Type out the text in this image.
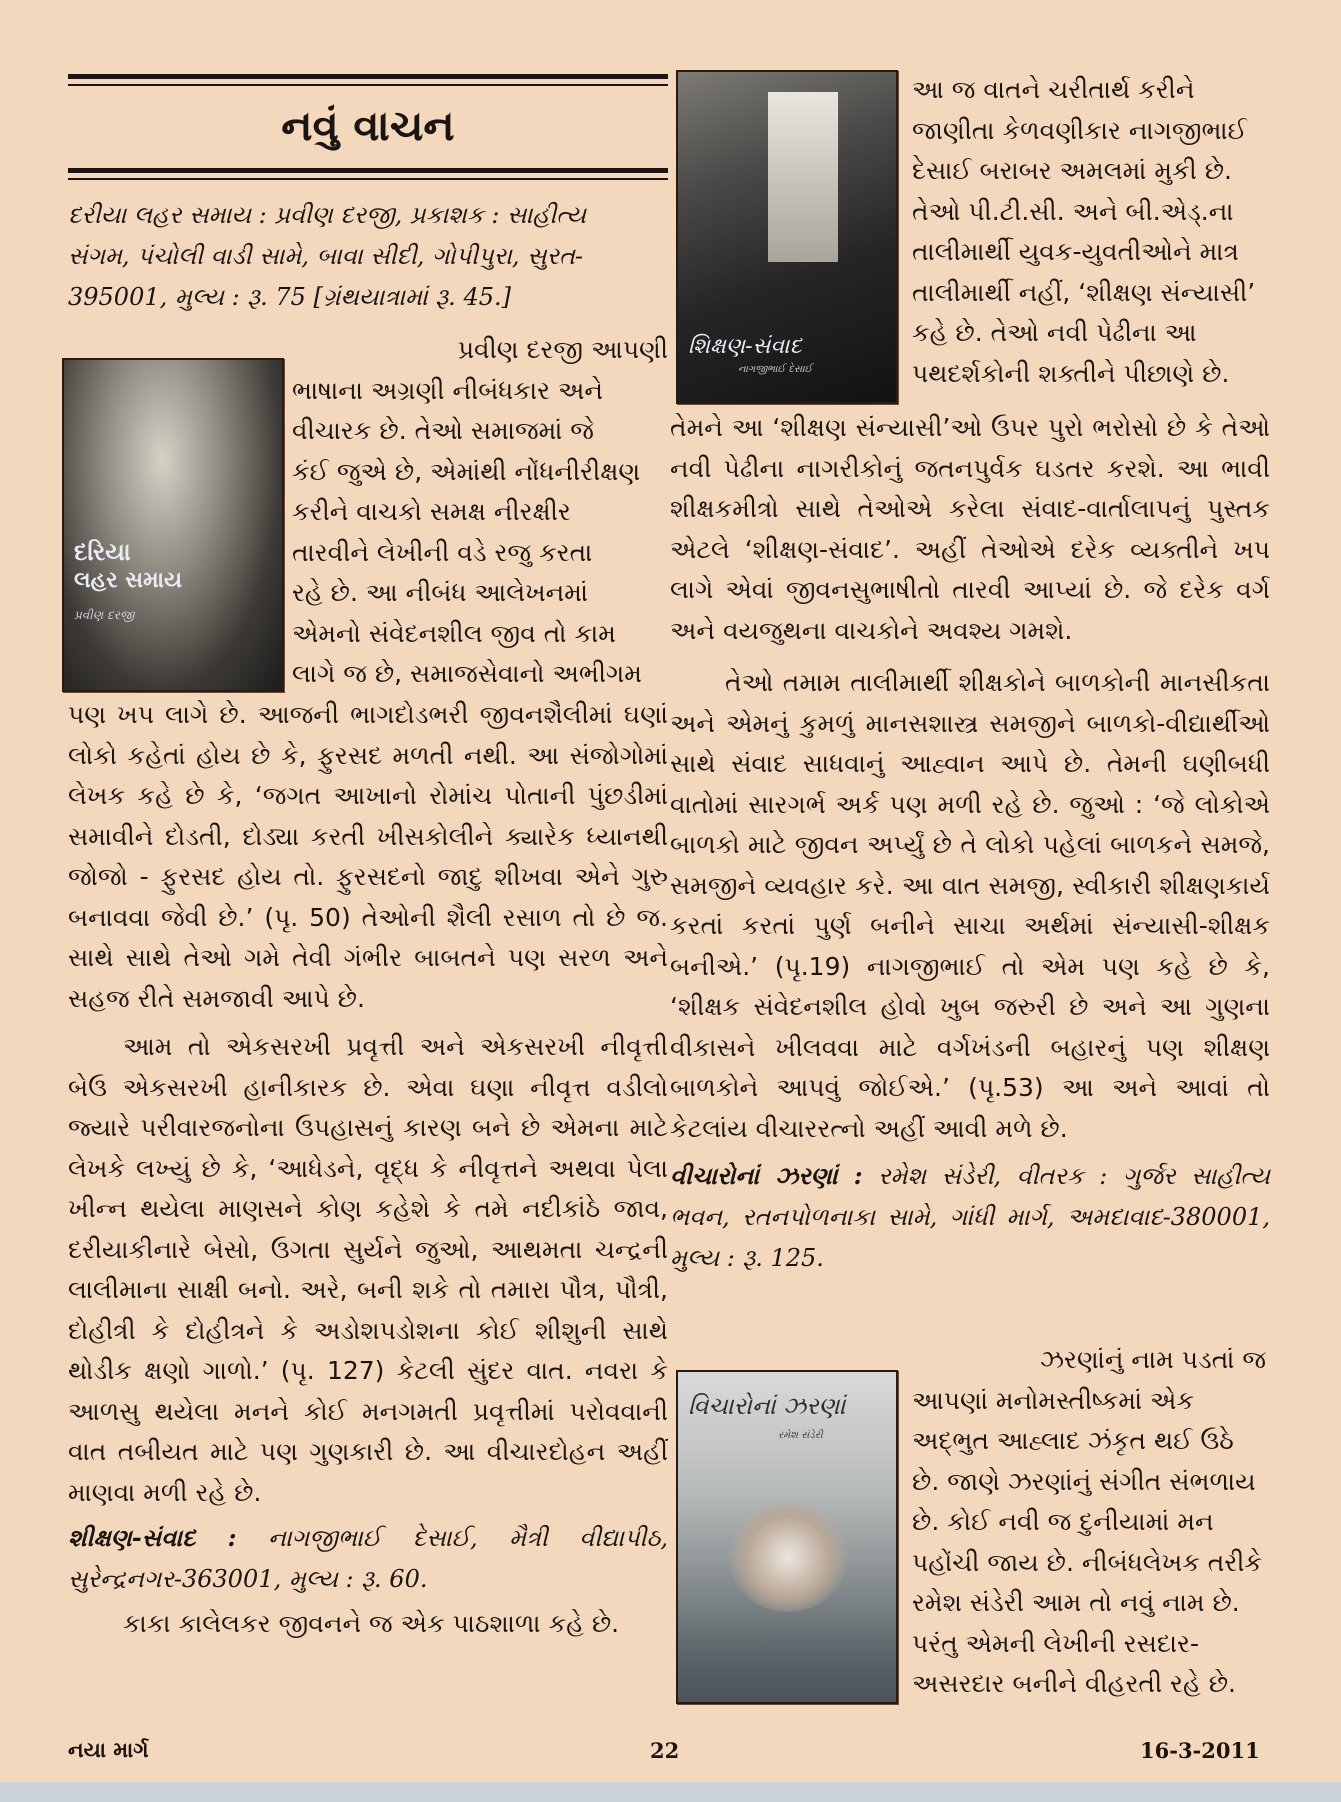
નવું વાચન

દરીયા લહર સમાય : પ્રવીણ દરજી, પ્રકાશક : સાહીત્ય
સંગમ, પંચોલી વાડી સામે, બાવા સીદી, ગોપીપુરા, સુરત-
395001, મુલ્ય : રૂ. 75 [ગ્રંથયાત્રામાં રૂ. 45.]

દરિયા
લહર સમાય
પ્રવીણ દરજી

પ્રવીણ દરજી આપણી

ભાષાના અગ્રણી નીબંધકાર અને

વીચારક છે. તેઓ સમાજમાં જે

કંઈ જુએ છે, એમાંથી નોંધનીરીક્ષણ

કરીને વાચકો સમક્ષ નીરક્ષીર

તારવીને લેખીની વડે રજુ કરતા

રહે છે. આ નીબંધ આલેખનમાં

એમનો સંવેદનશીલ જીવ તો કામ

લાગે જ છે, સમાજસેવાનો અભીગમ

પણ ખપ લાગે છે. આજની ભાગદોડભરી જીવનશૈલીમાં ઘણાં લોકો કહેતાં હોય છે કે, ફુરસદ મળતી નથી. આ સંજોગોમાં લેખક કહે છે કે, ‘જગત આખાનો રોમાંચ પોતાની પુંછડીમાં સમાવીને દોડતી, દોડ્યા કરતી ખીસકોલીને ક્યારેક ધ્યાનથી જોજો - ફુરસદ હોય તો. ફુરસદનો જાદુ શીખવા એને ગુરુ બનાવવા જેવી છે.’ (પૃ. 50) તેઓની શૈલી રસાળ તો છે જ. સાથે સાથે તેઓ ગમે તેવી ગંભીર બાબતને પણ સરળ અને સહજ રીતે સમજાવી આપે છે.

આમ તો એકસરખી પ્રવૃત્તી અને એકસરખી નીવૃત્તી બેઉ એકસરખી હાનીકારક છે. એવા ઘણા નીવૃત્ત વડીલો જ્યારે પરીવારજનોના ઉપહાસનું કારણ બને છે એમના માટે લેખકે લખ્યું છે કે, ‘આધેડને, વૃદ્ધ કે નીવૃત્તને અથવા પેલા ખીન્ન થયેલા માણસને કોણ કહેશે કે તમે નદીકાંઠે જાવ, દરીયાકીનારે બેસો, ઉગતા સુર્યને જુઓ, આથમતા ચન્દ્રની લાલીમાના સાક્ષી બનો. અરે, બની શકે તો તમારા પૌત્ર, પૌત્રી, દોહીત્રી કે દોહીત્રને કે અડોશપડોશના કોઈ શીશુની સાથે થોડીક ક્ષણો ગાળો.’ (પૃ. 127) કેટલી સુંદર વાત. નવરા કે આળસુ થયેલા મનને કોઈ મનગમતી પ્રવૃત્તીમાં પરોવવાની વાત તબીયત માટે પણ ગુણકારી છે. આ વીચારદોહન અહીં માણવા મળી રહે છે.

શીક્ષણ-સંવાદ : નાગજીભાઈ દેસાઈ, મૈત્રી વીદ્યાપીઠ, સુરેન્દ્રનગર-363001, મુલ્ય : રૂ. 60.

કાકા કાલેલકર જીવનને જ એક પાઠશાળા કહે છે.

શિક્ષણ-સંવાદ
નાગજીભાઈ દેસાઈ

આ જ વાતને ચરીતાર્થ કરીને

જાણીતા કેળવણીકાર નાગજીભાઈ

દેસાઈ બરાબર અમલમાં મુકી છે.

તેઓ પી.ટી.સી. અને બી.એડ્.ના

તાલીમાર્થી યુવક-યુવતીઓને માત્ર

તાલીમાર્થી નહીં, ‘શીક્ષણ સંન્યાસી’

કહે છે. તેઓ નવી પેઢીના આ

પથદર્શકોની શક્તીને પીછાણે છે.

તેમને આ ‘શીક્ષણ સંન્યાસી’ઓ ઉપર પુરો ભરોસો છે કે તેઓ નવી પેઢીના નાગરીકોનું જતનપુર્વક ઘડતર કરશે. આ ભાવી શીક્ષકમીત્રો સાથે તેઓએ કરેલા સંવાદ-વાર્તાલાપનું પુસ્તક એટલે ‘શીક્ષણ-સંવાદ’. અહીં તેઓએ દરેક વ્યક્તીને ખપ લાગે એવાં જીવનસુભાષીતો તારવી આપ્યાં છે. જે દરેક વર્ગ અને વયજુથના વાચકોને અવશ્ય ગમશે.

તેઓ તમામ તાલીમાર્થી શીક્ષકોને બાળકોની માનસીકતા અને એમનું કુમળું માનસશાસ્ત્ર સમજીને બાળકો-વીદ્યાર્થીઓ સાથે સંવાદ સાધવાનું આહ્વાન આપે છે. તેમની ઘણીબધી વાતોમાં સારગર્ભ અર્ક પણ મળી રહે છે. જુઓ : ‘જે લોકોએ બાળકો માટે જીવન અર્પ્યું છે તે લોકો પહેલાં બાળકને સમજે, સમજીને વ્યવહાર કરે. આ વાત સમજી, સ્વીકારી શીક્ષણકાર્ય કરતાં કરતાં પુર્ણ બનીને સાચા અર્થમાં સંન્યાસી-શીક્ષક બનીએ.’ (પૃ.19) નાગજીભાઈ તો એમ પણ કહે છે કે, ‘શીક્ષક સંવેદનશીલ હોવો ખુબ જરુરી છે અને આ ગુણના વીકાસને ખીલવવા માટે વર્ગખંડની બહારનું પણ શીક્ષણ બાળકોને આપવું જોઈએ.’ (પૃ.53) આ અને આવાં તો કેટલાંય વીચારરત્નો અહીં આવી મળે છે.

વીચારોનાં ઝરણાં : રમેશ સંડેરી, વીતરક : ગુર્જર સાહીત્ય ભવન, રતનપોળનાકા સામે, ગાંધી માર્ગ, અમદાવાદ-380001, મુલ્ય : રૂ. 125.

વિચારોનાં ઝરણાં
રમેશ સંડેરી

ઝરણાંનું નામ પડતાં જ

આપણાં મનોમસ્તીષ્કમાં એક

અદ્ભુત આહ્લાદ ઝંકૃત થઈ ઉઠે

છે. જાણે ઝરણાંનું સંગીત સંભળાય

છે. કોઈ નવી જ દુનીયામાં મન

પહોંચી જાય છે. નીબંધલેખક તરીકે

રમેશ સંડેરી આમ તો નવું નામ છે.

પરંતુ એમની લેખીની રસદાર-

અસરદાર બનીને વીહરતી રહે છે.

નયા માર્ગ	22	16-3-2011
